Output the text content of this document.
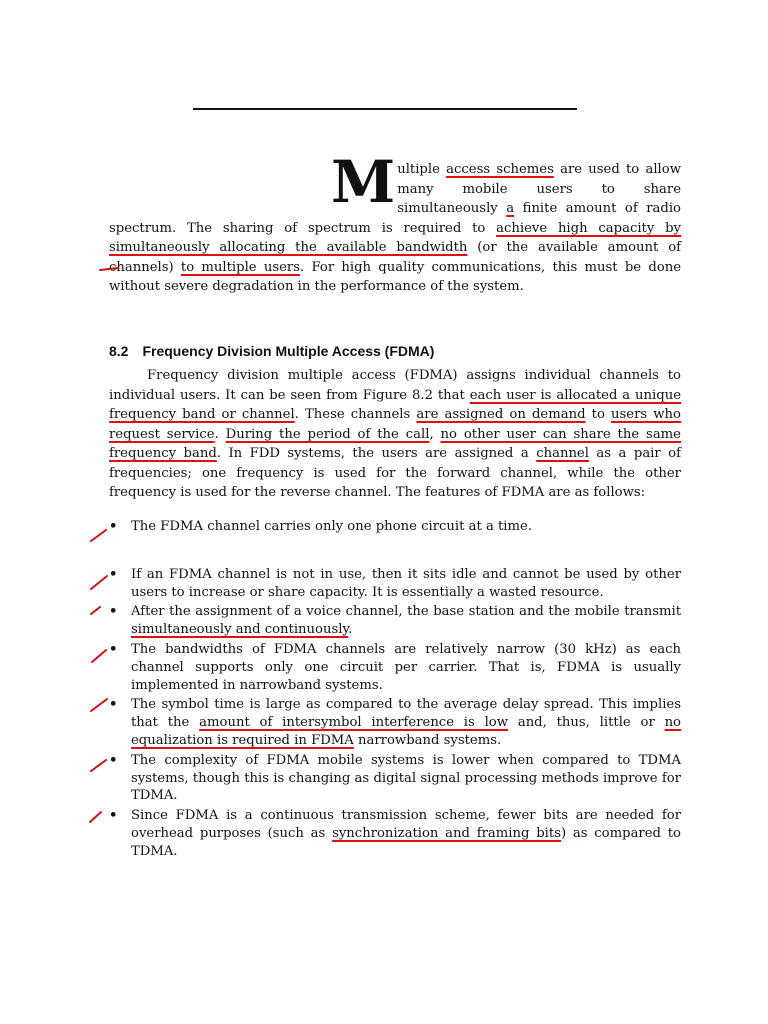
M ultiple access schemes are used to allow many mobile users to share simultaneously a finite amount of radio spectrum. The sharing of spectrum is required to achieve high capacity by simultaneously allocating the available bandwidth (or the available amount of channels) to multiple users. For high quality communications, this must be done without severe degradation in the performance of the system.
8.2 Frequency Division Multiple Access (FDMA)
Frequency division multiple access (FDMA) assigns individual channels to individual users. It can be seen from Figure 8.2 that each user is allocated a unique frequency band or channel. These channels are assigned on demand to users who request service. During the period of the call, no other user can share the same frequency band. In FDD systems, the users are assigned a channel as a pair of frequencies; one frequency is used for the forward channel, while the other frequency is used for the reverse channel. The features of FDMA are as follows:
• The FDMA channel carries only one phone circuit at a time.
• If an FDMA channel is not in use, then it sits idle and cannot be used by other users to increase or share capacity. It is essentially a wasted resource.
• After the assignment of a voice channel, the base station and the mobile transmit simultaneously and continuously.
• The bandwidths of FDMA channels are relatively narrow (30 kHz) as each channel supports only one circuit per carrier. That is, FDMA is usually implemented in narrowband systems.
• The symbol time is large as compared to the average delay spread. This implies that the amount of intersymbol interference is low and, thus, little or no equalization is required in FDMA narrowband systems.
• The complexity of FDMA mobile systems is lower when compared to TDMA systems, though this is changing as digital signal processing methods improve for TDMA.
• Since FDMA is a continuous transmission scheme, fewer bits are needed for overhead purposes (such as synchronization and framing bits) as compared to TDMA.
